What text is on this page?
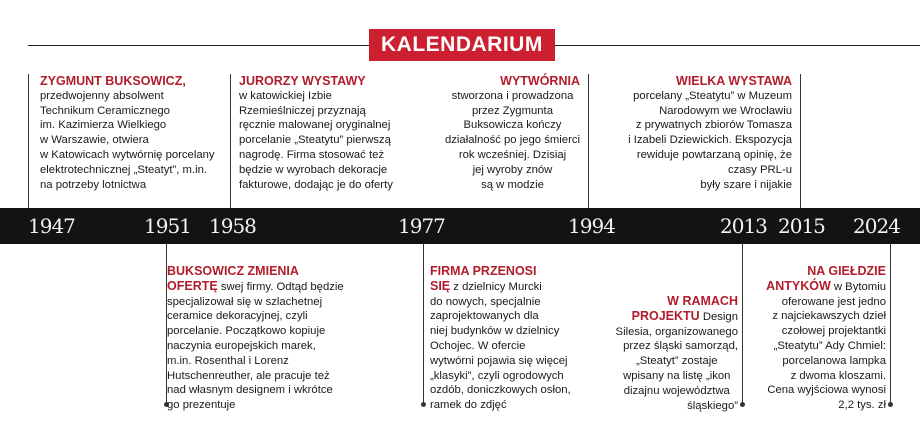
KALENDARIUM
1947	1951 1958	1977	1994	2013 2015 2024
ZYGMUNT BUKSOWICZ,
przedwojenny absolwent
Technikum Ceramicznego
im. Kazimierza Wielkiego
w Warszawie, otwiera
w Katowicach wytwórnię porcelany
elektrotechnicznej „Steatyt”, m.in.
na potrzeby lotnictwa
JURORZY WYSTAWY
w katowickiej Izbie
Rzemieślniczej przyznają
ręcznie malowanej oryginalnej
porcelanie „Steatytu” pierwszą
nagrodę. Firma stosować też
będzie w wyrobach dekoracje
fakturowe, dodając je do oferty
WYTWÓRNIA
stworzona i prowadzona
przez Zygmunta
Buksowicza kończy
działalność po jego śmierci
rok wcześniej. Dzisiaj
jej wyroby znów
są w modzie
WIELKA WYSTAWA
porcelany „Steatytu” w Muzeum
Narodowym we Wrocławiu
z prywatnych zbiorów Tomasza
i Izabeli Dziewickich. Ekspozycja
rewiduje powtarzaną opinię, że
czasy PRL-u
były szare i nijakie
BUKSOWICZ ZMIENIA
OFERTĘ swej firmy. Odtąd będzie
specjalizował się w szlachetnej
ceramice dekoracyjnej, czyli
porcelanie. Początkowo kopiuje
naczynia europejskich marek,
m.in. Rosenthal i Lorenz
Hutschenreuther, ale pracuje też
nad własnym designem i wkrótce
go prezentuje
FIRMA PRZENOSI
SIĘ z dzielnicy Murcki
do nowych, specjalnie
zaprojektowanych dla
niej budynków w dzielnicy
Ochojec. W ofercie
wytwórni pojawia się więcej
„klasyki”, czyli ogrodowych
ozdób, doniczkowych osłon,
ramek do zdjęć
W RAMACH
PROJEKTU Design
Silesia, organizowanego
przez śląski samorząd,
„Steatyt” zostaje
wpisany na listę „ikon
dizajnu województwa
śląskiego”
NA GIEŁDZIE
ANTYKÓW w Bytomiu
oferowane jest jedno
z najciekawszych dzieł
czołowej projektantki
„Steatytu” Ady Chmiel:
porcelanowa lampka
z dwoma kloszami.
Cena wyjściowa wynosi
2,2 tys. zł
